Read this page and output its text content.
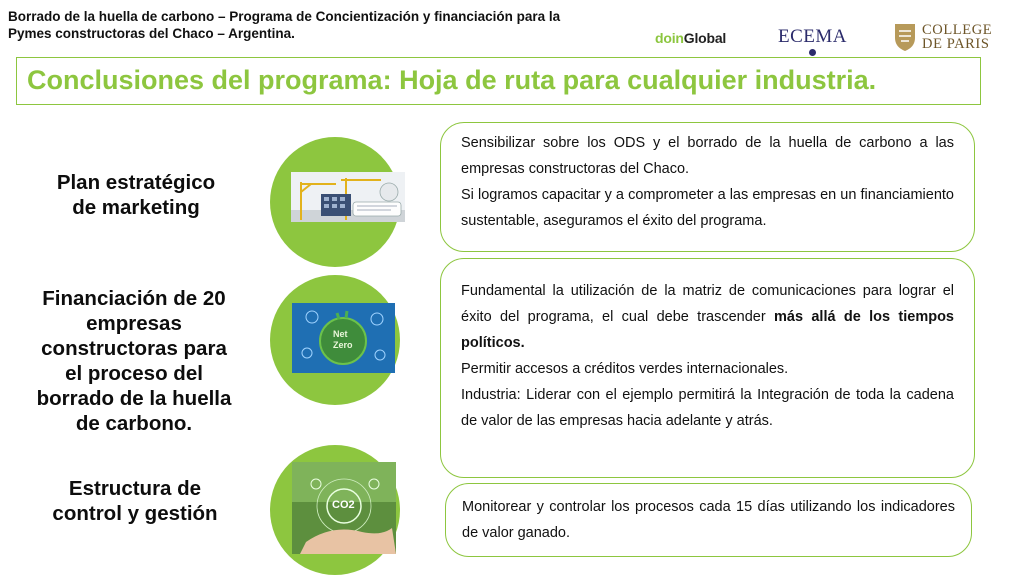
Borrado de la huella de carbono – Programa de Concientización y financiación para la
Pymes constructoras del Chaco – Argentina.	doin Global	ECEMA	COLLEGE
DE PARIS
Conclusiones del programa: Hoja de ruta para cualquier industria.
Plan estratégico
de marketing

Sensibilizar sobre los ODS y el borrado de la huella de carbono a las empresas constructoras del Chaco.

Si logramos capacitar y a comprometer a las empresas en un financiamiento sustentable, aseguramos el éxito del programa.

Financiación de 20
empresas
constructoras para
el proceso del
borrado de la huella
de carbono.
Net
Zero

Fundamental la utilización de la matriz de comunicaciones para lograr el éxito del programa, el cual debe trascender más allá de los tiempos políticos.

Permitir accesos a créditos verdes internacionales.

Industria: Liderar con el ejemplo permitirá la Integración de toda la cadena de valor de las empresas hacia adelante y atrás.

Estructura de
control y gestión	CO2	Monitorear y controlar los procesos cada 15 días utilizando los indicadores de valor ganado.
